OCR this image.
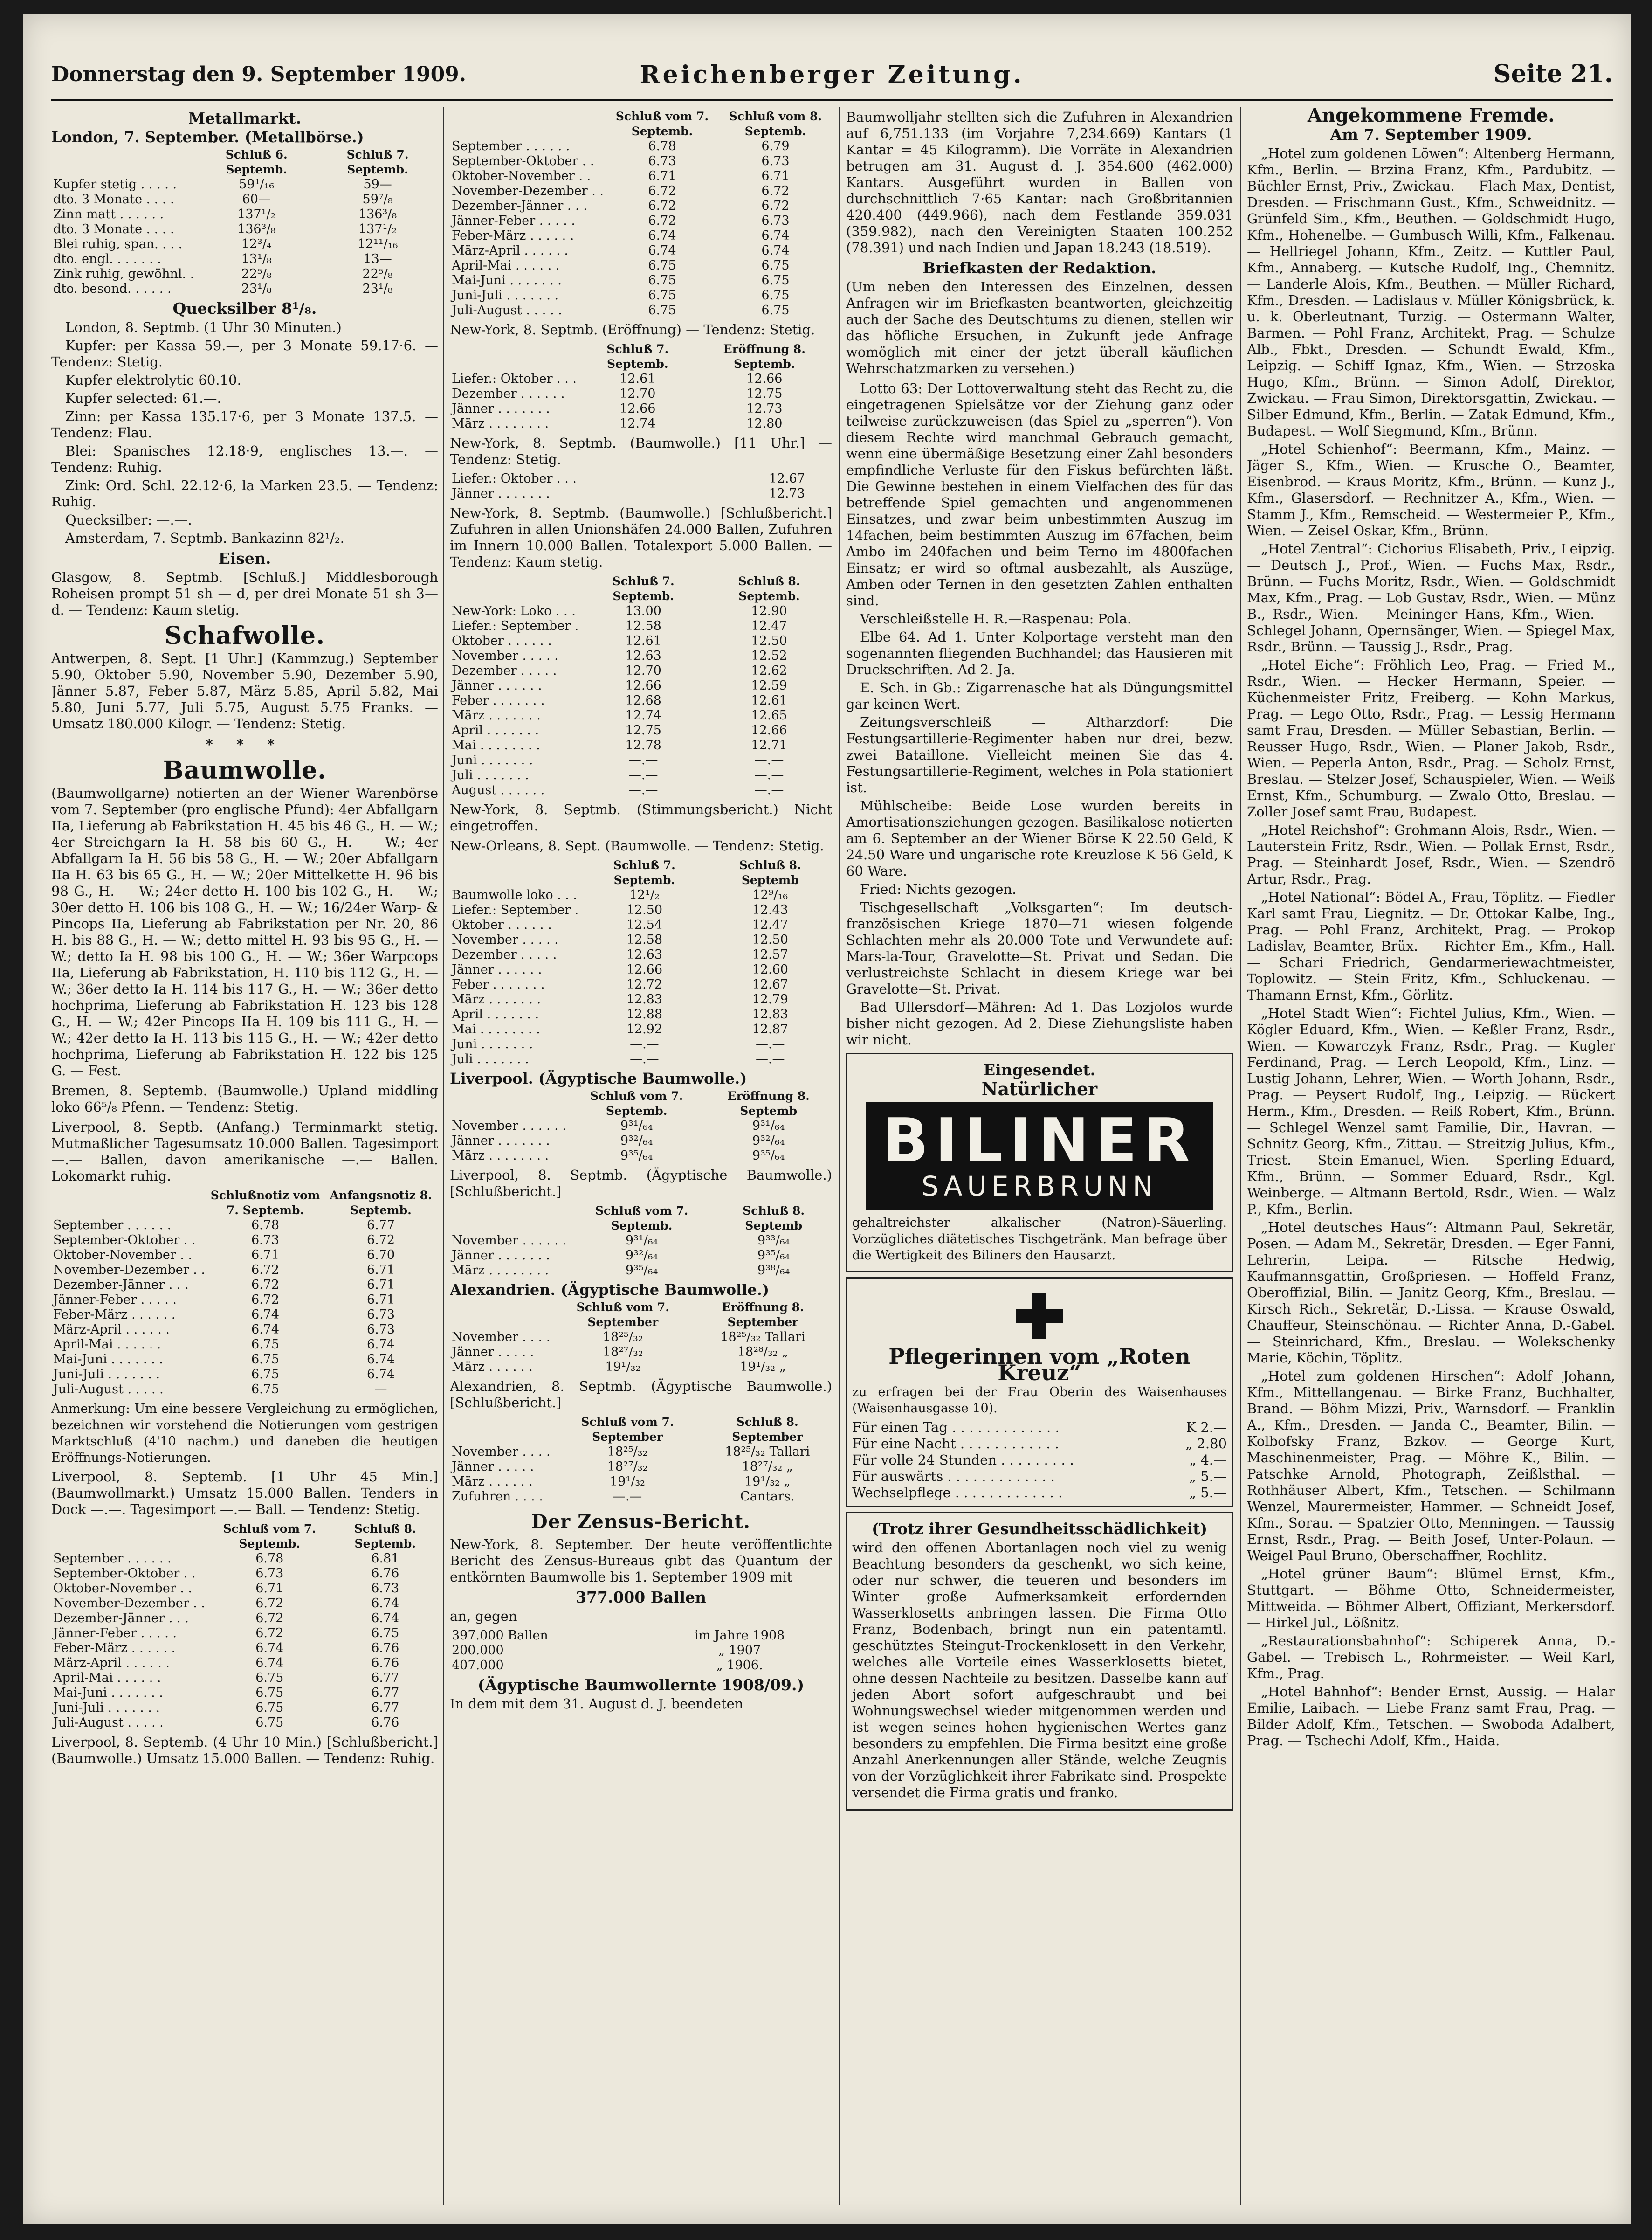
Donnerstag den 9. September 1909.	Reichenberger Zeitung.	Seite 21.
Metallmarkt.
London, 7. September. (Metallbörse.)
	Schluß 6. Septemb.	Schluß 7. Septemb.
Kupfer stetig . . . . .	59¹/₁₆	59—
dto. 3 Monate . . . .	60—	59⁷/₈
Zinn matt . . . . . .	137¹/₂	136³/₈
dto. 3 Monate . . . .	136³/₈	137¹/₂
Blei ruhig, span. . . .	12³/₄	12¹¹/₁₆
dto. engl. . . . . . .	13¹/₈	13—
Zink ruhig, gewöhnl. .	22⁵/₈	22⁵/₈
dto. besond. . . . . .	23¹/₈	23¹/₈
Quecksilber 8¹/₈.

London, 8. Septmb. (1 Uhr 30 Minuten.)

Kupfer: per Kassa 59.—, per 3 Monate 59.17·6. — Tendenz: Stetig.

Kupfer elektrolytic 60.10.

Kupfer selected: 61.—.

Zinn: per Kassa 135.17·6, per 3 Monate 137.5. — Tendenz: Flau.

Blei: Spanisches 12.18·9, englisches 13.—. — Tendenz: Ruhig.

Zink: Ord. Schl. 22.12·6, la Marken 23.5. — Tendenz: Ruhig.

Quecksilber: —.—.

Amsterdam, 7. Septmb. Bankazinn 82¹/₂.

Eisen.
Glasgow, 8. Septmb. [Schluß.] Middlesborough Roheisen prompt 51 sh — d, per drei Monate 51 sh 3— d. — Tendenz: Kaum stetig.
Schafwolle.
Antwerpen, 8. Sept. [1 Uhr.] (Kammzug.) September 5.90, Oktober 5.90, November 5.90, Dezember 5.90, Jänner 5.87, Feber 5.87, März 5.85, April 5.82, Mai 5.80, Juni 5.77, Juli 5.75, August 5.75 Franks. — Umsatz 180.000 Kilogr. — Tendenz: Stetig.
* * *
Baumwolle.
(Baumwollgarne) notierten an der Wiener Warenbörse vom 7. September (pro englische Pfund): 4er Abfallgarn IIa, Lieferung ab Fabrikstation H. 45 bis 46 G., H. — W.; 4er Streichgarn Ia H. 58 bis 60 G., H. — W.; 4er Abfallgarn Ia H. 56 bis 58 G., H. — W.; 20er Abfallgarn IIa H. 63 bis 65 G., H. — W.; 20er Mittelkette H. 96 bis 98 G., H. — W.; 24er detto H. 100 bis 102 G., H. — W.; 30er detto H. 106 bis 108 G., H. — W.; 16/24er Warp- & Pincops IIa, Lieferung ab Fabrikstation per Nr. 20, 86 H. bis 88 G., H. — W.; detto mittel H. 93 bis 95 G., H. — W.; detto Ia H. 98 bis 100 G., H. — W.; 36er Warpcops IIa, Lieferung ab Fabrikstation, H. 110 bis 112 G., H. — W.; 36er detto Ia H. 114 bis 117 G., H. — W.; 36er detto hochprima, Lieferung ab Fabrikstation H. 123 bis 128 G., H. — W.; 42er Pincops IIa H. 109 bis 111 G., H. — W.; 42er detto Ia H. 113 bis 115 G., H. — W.; 42er detto hochprima, Lieferung ab Fabrikstation H. 122 bis 125 G. — Fest.
Bremen, 8. Septemb. (Baumwolle.) Upland middling loko 66⁵/₈ Pfenn. — Tendenz: Stetig.
Liverpool, 8. Septb. (Anfang.) Terminmarkt stetig. Mutmaßlicher Tagesumsatz 10.000 Ballen. Tagesimport —.— Ballen, davon amerikanische —.— Ballen. Lokomarkt ruhig.
	Schlußnotiz vom 7. Septemb.	Anfangsnotiz 8. Septemb.
September . . . . . .	6.78	6.77
September-Oktober . .	6.73	6.72
Oktober-November . .	6.71	6.70
November-Dezember . .	6.72	6.71
Dezember-Jänner . . .	6.72	6.71
Jänner-Feber . . . . .	6.72	6.71
Feber-März . . . . . .	6.74	6.73
März-April . . . . . .	6.74	6.73
April-Mai . . . . . .	6.75	6.74
Mai-Juni . . . . . . .	6.75	6.74
Juni-Juli . . . . . . .	6.75	6.74
Juli-August . . . . .	6.75	—
Anmerkung: Um eine bessere Vergleichung zu ermöglichen, bezeichnen wir vorstehend die Notierungen vom gestrigen Marktschluß (4'10 nachm.) und daneben die heutigen Eröffnungs-Notierungen.
Liverpool, 8. Septemb. [1 Uhr 45 Min.] (Baumwollmarkt.) Umsatz 15.000 Ballen. Tenders in Dock —.—. Tagesimport —.— Ball. — Tendenz: Stetig.
	Schluß vom 7. Septemb.	Schluß 8. Septemb.
September . . . . . .	6.78	6.81
September-Oktober . .	6.73	6.76
Oktober-November . .	6.71	6.73
November-Dezember . .	6.72	6.74
Dezember-Jänner . . .	6.72	6.74
Jänner-Feber . . . . .	6.72	6.75
Feber-März . . . . . .	6.74	6.76
März-April . . . . . .	6.74	6.76
April-Mai . . . . . .	6.75	6.77
Mai-Juni . . . . . . .	6.75	6.77
Juni-Juli . . . . . . .	6.75	6.77
Juli-August . . . . .	6.75	6.76
Liverpool, 8. Septemb. (4 Uhr 10 Min.) [Schlußbericht.] (Baumwolle.) Umsatz 15.000 Ballen. — Tendenz: Ruhig.
	Schluß vom 7. Septemb.	Schluß vom 8. Septemb.
September . . . . . .	6.78	6.79
September-Oktober . .	6.73	6.73
Oktober-November . .	6.71	6.71
November-Dezember . .	6.72	6.72
Dezember-Jänner . . .	6.72	6.72
Jänner-Feber . . . . .	6.72	6.73
Feber-März . . . . . .	6.74	6.74
März-April . . . . . .	6.74	6.74
April-Mai . . . . . .	6.75	6.75
Mai-Juni . . . . . . .	6.75	6.75
Juni-Juli . . . . . . .	6.75	6.75
Juli-August . . . . .	6.75	6.75
New-York, 8. Septmb. (Eröffnung) — Tendenz: Stetig.
	Schluß 7. Septemb.	Eröffnung 8. Septemb.
Liefer.: Oktober . . .	12.61	12.66
Dezember . . . . . .	12.70	12.75
Jänner . . . . . . .	12.66	12.73
März . . . . . . . .	12.74	12.80
New-York, 8. Septmb. (Baumwolle.) [11 Uhr.] — Tendenz: Stetig.
Liefer.: Oktober . . .	12.67
Jänner . . . . . . .	12.73
New-York, 8. Septmb. (Baumwolle.) [Schlußbericht.] Zufuhren in allen Unionshäfen 24.000 Ballen, Zufuhren im Innern 10.000 Ballen. Totalexport 5.000 Ballen. — Tendenz: Kaum stetig.
	Schluß 7. Septemb.	Schluß 8. Septemb.
New-York: Loko . . .	13.00	12.90
Liefer.: September .	12.58	12.47
Oktober . . . . . .	12.61	12.50
November . . . . .	12.63	12.52
Dezember . . . . .	12.70	12.62
Jänner . . . . . .	12.66	12.59
Feber . . . . . . .	12.68	12.61
März . . . . . . .	12.74	12.65
April . . . . . . .	12.75	12.66
Mai . . . . . . . .	12.78	12.71
Juni . . . . . . .	—.—	—.—
Juli . . . . . . .	—.—	—.—
August . . . . . .	—.—	—.—
New-York, 8. Septmb. (Stimmungsbericht.) Nicht eingetroffen.
New-Orleans, 8. Sept. (Baumwolle. — Tendenz: Stetig.
	Schluß 7. Septemb.	Schluß 8. Septemb
Baumwolle loko . . .	12¹/₂	12⁹/₁₆
Liefer.: September .	12.50	12.43
Oktober . . . . . .	12.54	12.47
November . . . . .	12.58	12.50
Dezember . . . . .	12.63	12.57
Jänner . . . . . .	12.66	12.60
Feber . . . . . . .	12.72	12.67
März . . . . . . .	12.83	12.79
April . . . . . . .	12.88	12.83
Mai . . . . . . . .	12.92	12.87
Juni . . . . . . .	—.—	—.—
Juli . . . . . . .	—.—	—.—
Liverpool. (Ägyptische Baumwolle.)
	Schluß vom 7. Septemb.	Eröffnung 8. Septemb
November . . . . . .	9³¹/₆₄	9³¹/₆₄
Jänner . . . . . . .	9³²/₆₄	9³²/₆₄
März . . . . . . . .	9³⁵/₆₄	9³⁵/₆₄
Liverpool, 8. Septmb. (Ägyptische Baumwolle.) [Schlußbericht.]
	Schluß vom 7. Septemb.	Schluß 8. Septemb
November . . . . . .	9³¹/₆₄	9³³/₆₄
Jänner . . . . . . .	9³²/₆₄	9³⁵/₆₄
März . . . . . . . .	9³⁵/₆₄	9³⁸/₆₄
Alexandrien. (Ägyptische Baumwolle.)
	Schluß vom 7. September	Eröffnung 8. September
November . . . .	18²⁵/₃₂	18²⁵/₃₂ Tallari
Jänner . . . . .	18²⁷/₃₂	18²⁸/₃₂ „
März . . . . . .	19¹/₃₂	19¹/₃₂ „
Alexandrien, 8. Septmb. (Ägyptische Baumwolle.) [Schlußbericht.]
	Schluß vom 7. September	Schluß 8. September
November . . . .	18²⁵/₃₂	18²⁵/₃₂ Tallari
Jänner . . . . .	18²⁷/₃₂	18²⁷/₃₂ „
März . . . . . .	19¹/₃₂	19¹/₃₂ „
Zufuhren . . . .	—.—	Cantars.
Der Zensus-Bericht.
New-York, 8. September. Der heute veröffentlichte Bericht des Zensus-Bureaus gibt das Quantum der entkörnten Baumwolle bis 1. September 1909 mit
377.000 Ballen
an, gegen
397.000 Ballen	im Jahre 1908
200.000	„ 1907
407.000	„ 1906.
(Ägyptische Baumwollernte 1908/09.)
In dem mit dem 31. August d. J. beendeten
Baumwolljahr stellten sich die Zufuhren in Alexandrien auf 6,751.133 (im Vorjahre 7,234.669) Kantars (1 Kantar = 45 Kilogramm). Die Vorräte in Alexandrien betrugen am 31. August d. J. 354.600 (462.000) Kantars. Ausgeführt wurden in Ballen von durchschnittlich 7·65 Kantar: nach Großbritannien 420.400 (449.966), nach dem Festlande 359.031 (359.982), nach den Vereinigten Staaten 100.252 (78.391) und nach Indien und Japan 18.243 (18.519).
Briefkasten der Redaktion.
(Um neben den Interessen des Einzelnen, dessen Anfragen wir im Briefkasten beantworten, gleichzeitig auch der Sache des Deutschtums zu dienen, stellen wir das höfliche Ersuchen, in Zukunft jede Anfrage womöglich mit einer der jetzt überall käuflichen Wehrschatzmarken zu versehen.)

Lotto 63: Der Lottoverwaltung steht das Recht zu, die eingetragenen Spielsätze vor der Ziehung ganz oder teilweise zurückzuweisen (das Spiel zu „sperren“). Von diesem Rechte wird manchmal Gebrauch gemacht, wenn eine übermäßige Besetzung einer Zahl besonders empfindliche Verluste für den Fiskus befürchten läßt. Die Gewinne bestehen in einem Vielfachen des für das betreffende Spiel gemachten und angenommenen Einsatzes, und zwar beim unbestimmten Auszug im 14fachen, beim bestimmten Auszug im 67fachen, beim Ambo im 240fachen und beim Terno im 4800fachen Einsatz; er wird so oftmal ausbezahlt, als Auszüge, Amben oder Ternen in den gesetzten Zahlen enthalten sind.

Verschleißstelle H. R.—Raspenau: Pola.

Elbe 64. Ad 1. Unter Kolportage versteht man den sogenannten fliegenden Buchhandel; das Hausieren mit Druckschriften. Ad 2. Ja.

E. Sch. in Gb.: Zigarrenasche hat als Düngungsmittel gar keinen Wert.

Zeitungsverschleiß — Altharzdorf: Die Festungsartillerie-Regimenter haben nur drei, bezw. zwei Bataillone. Vielleicht meinen Sie das 4. Festungsartillerie-Regiment, welches in Pola stationiert ist.

Mühlscheibe: Beide Lose wurden bereits in Amortisationsziehungen gezogen. Basilikalose notierten am 6. September an der Wiener Börse K 22.50 Geld, K 24.50 Ware und ungarische rote Kreuzlose K 56 Geld, K 60 Ware.

Fried: Nichts gezogen.

Tischgesellschaft „Volksgarten“: Im deutsch-französischen Kriege 1870—71 wiesen folgende Schlachten mehr als 20.000 Tote und Verwundete auf: Mars-la-Tour, Gravelotte—St. Privat und Sedan. Die verlustreichste Schlacht in diesem Kriege war bei Gravelotte—St. Privat.

Bad Ullersdorf—Mähren: Ad 1. Das Lozjolos wurde bisher nicht gezogen. Ad 2. Diese Ziehungsliste haben wir nicht.

Eingesendet.
Natürlicher
BILINER
SAUERBRUNN
gehaltreichster alkalischer (Natron)-Säuerling. Vorzügliches diätetisches Tischgetränk. Man befrage über die Wertigkeit des Biliners den Hausarzt.
Pflegerinnen vom „Roten Kreuz“
zu erfragen bei der Frau Oberin des Waisenhauses (Waisenhausgasse 10).
Für einen Tag . . . . . . . . . . . . .	K 2.—
Für eine Nacht . . . . . . . . . . . .	„ 2.80
Für volle 24 Stunden . . . . . . . . .	„ 4.—
Für auswärts . . . . . . . . . . . . .	„ 5.—
Wechselpflege . . . . . . . . . . . . .	„ 5.—
(Trotz ihrer Gesundheitsschädlichkeit)
wird den offenen Abortanlagen noch viel zu wenig Beachtung besonders da geschenkt, wo sich keine, oder nur schwer, die teueren und besonders im Winter große Aufmerksamkeit erfordernden Wasserklosetts anbringen lassen. Die Firma Otto Franz, Bodenbach, bringt nun ein patentamtl. geschütztes Steingut-Trockenklosett in den Verkehr, welches alle Vorteile eines Wasserklosetts bietet, ohne dessen Nachteile zu besitzen. Dasselbe kann auf jeden Abort sofort aufgeschraubt und bei Wohnungswechsel wieder mitgenommen werden und ist wegen seines hohen hygienischen Wertes ganz besonders zu empfehlen. Die Firma besitzt eine große Anzahl Anerkennungen aller Stände, welche Zeugnis von der Vorzüglichkeit ihrer Fabrikate sind. Prospekte versendet die Firma gratis und franko.
Angekommene Fremde.
Am 7. September 1909.

„Hotel zum goldenen Löwen“: Altenberg Hermann, Kfm., Berlin. — Brzina Franz, Kfm., Pardubitz. — Büchler Ernst, Priv., Zwickau. — Flach Max, Dentist, Dresden. — Frischmann Gust., Kfm., Schweidnitz. — Grünfeld Sim., Kfm., Beuthen. — Goldschmidt Hugo, Kfm., Hohenelbe. — Gumbusch Willi, Kfm., Falkenau. — Hellriegel Johann, Kfm., Zeitz. — Kuttler Paul, Kfm., Annaberg. — Kutsche Rudolf, Ing., Chemnitz. — Landerle Alois, Kfm., Beuthen. — Müller Richard, Kfm., Dresden. — Ladislaus v. Müller Königsbrück, k. u. k. Oberleutnant, Turzig. — Ostermann Walter, Barmen. — Pohl Franz, Architekt, Prag. — Schulze Alb., Fbkt., Dresden. — Schundt Ewald, Kfm., Leipzig. — Schiff Ignaz, Kfm., Wien. — Strzoska Hugo, Kfm., Brünn. — Simon Adolf, Direktor, Zwickau. — Frau Simon, Direktorsgattin, Zwickau. — Silber Edmund, Kfm., Berlin. — Zatak Edmund, Kfm., Budapest. — Wolf Siegmund, Kfm., Brünn.

„Hotel Schienhof“: Beermann, Kfm., Mainz. — Jäger S., Kfm., Wien. — Krusche O., Beamter, Eisenbrod. — Kraus Moritz, Kfm., Brünn. — Kunz J., Kfm., Glasersdorf. — Rechnitzer A., Kfm., Wien. — Stamm J., Kfm., Remscheid. — Westermeier P., Kfm., Wien. — Zeisel Oskar, Kfm., Brünn.

„Hotel Zentral“: Cichorius Elisabeth, Priv., Leipzig. — Deutsch J., Prof., Wien. — Fuchs Max, Rsdr., Brünn. — Fuchs Moritz, Rsdr., Wien. — Goldschmidt Max, Kfm., Prag. — Lob Gustav, Rsdr., Wien. — Münz B., Rsdr., Wien. — Meininger Hans, Kfm., Wien. — Schlegel Johann, Opernsänger, Wien. — Spiegel Max, Rsdr., Brünn. — Taussig J., Rsdr., Prag.

„Hotel Eiche“: Fröhlich Leo, Prag. — Fried M., Rsdr., Wien. — Hecker Hermann, Speier. — Küchenmeister Fritz, Freiberg. — Kohn Markus, Prag. — Lego Otto, Rsdr., Prag. — Lessig Hermann samt Frau, Dresden. — Müller Sebastian, Berlin. — Reusser Hugo, Rsdr., Wien. — Planer Jakob, Rsdr., Wien. — Peperla Anton, Rsdr., Prag. — Scholz Ernst, Breslau. — Stelzer Josef, Schauspieler, Wien. — Weiß Ernst, Kfm., Schumburg. — Zwalo Otto, Breslau. — Zoller Josef samt Frau, Budapest.

„Hotel Reichshof“: Grohmann Alois, Rsdr., Wien. — Lauterstein Fritz, Rsdr., Wien. — Pollak Ernst, Rsdr., Prag. — Steinhardt Josef, Rsdr., Wien. — Szendrö Artur, Rsdr., Prag.

„Hotel National“: Bödel A., Frau, Töplitz. — Fiedler Karl samt Frau, Liegnitz. — Dr. Ottokar Kalbe, Ing., Prag. — Pohl Franz, Architekt, Prag. — Prokop Ladislav, Beamter, Brüx. — Richter Em., Kfm., Hall. — Schari Friedrich, Gendarmeriewachtmeister, Toplowitz. — Stein Fritz, Kfm., Schluckenau. — Thamann Ernst, Kfm., Görlitz.

„Hotel Stadt Wien“: Fichtel Julius, Kfm., Wien. — Kögler Eduard, Kfm., Wien. — Keßler Franz, Rsdr., Wien. — Kowarczyk Franz, Rsdr., Prag. — Kugler Ferdinand, Prag. — Lerch Leopold, Kfm., Linz. — Lustig Johann, Lehrer, Wien. — Worth Johann, Rsdr., Prag. — Peysert Rudolf, Ing., Leipzig. — Rückert Herm., Kfm., Dresden. — Reiß Robert, Kfm., Brünn. — Schlegel Wenzel samt Familie, Dir., Havran. — Schnitz Georg, Kfm., Zittau. — Streitzig Julius, Kfm., Triest. — Stein Emanuel, Wien. — Sperling Eduard, Kfm., Brünn. — Sommer Eduard, Rsdr., Kgl. Weinberge. — Altmann Bertold, Rsdr., Wien. — Walz P., Kfm., Berlin.

„Hotel deutsches Haus“: Altmann Paul, Sekretär, Posen. — Adam M., Sekretär, Dresden. — Eger Fanni, Lehrerin, Leipa. — Ritsche Hedwig, Kaufmannsgattin, Großpriesen. — Hoffeld Franz, Oberoffizial, Bilin. — Janitz Georg, Kfm., Breslau. — Kirsch Rich., Sekretär, D.-Lissa. — Krause Oswald, Chauffeur, Steinschönau. — Richter Anna, D.-Gabel. — Steinrichard, Kfm., Breslau. — Wolekschenky Marie, Köchin, Töplitz.

„Hotel zum goldenen Hirschen“: Adolf Johann, Kfm., Mittellangenau. — Birke Franz, Buchhalter, Brand. — Böhm Mizzi, Priv., Warnsdorf. — Franklin A., Kfm., Dresden. — Janda C., Beamter, Bilin. — Kolbofsky Franz, Bzkov. — George Kurt, Maschinenmeister, Prag. — Möhre K., Bilin. — Patschke Arnold, Photograph, Zeißlsthal. — Rothhäuser Albert, Kfm., Tetschen. — Schilmann Wenzel, Maurermeister, Hammer. — Schneidt Josef, Kfm., Sorau. — Spatzier Otto, Menningen. — Taussig Ernst, Rsdr., Prag. — Beith Josef, Unter-Polaun. — Weigel Paul Bruno, Oberschaffner, Rochlitz.

„Hotel grüner Baum“: Blümel Ernst, Kfm., Stuttgart. — Böhme Otto, Schneidermeister, Mittweida. — Böhmer Albert, Offiziant, Merkersdorf. — Hirkel Jul., Lößnitz.

„Restaurationsbahnhof“: Schiperek Anna, D.-Gabel. — Trebisch L., Rohrmeister. — Weil Karl, Kfm., Prag.

„Hotel Bahnhof“: Bender Ernst, Aussig. — Halar Emilie, Laibach. — Liebe Franz samt Frau, Prag. — Bilder Adolf, Kfm., Tetschen. — Swoboda Adalbert, Prag. — Tschechi Adolf, Kfm., Haida.
